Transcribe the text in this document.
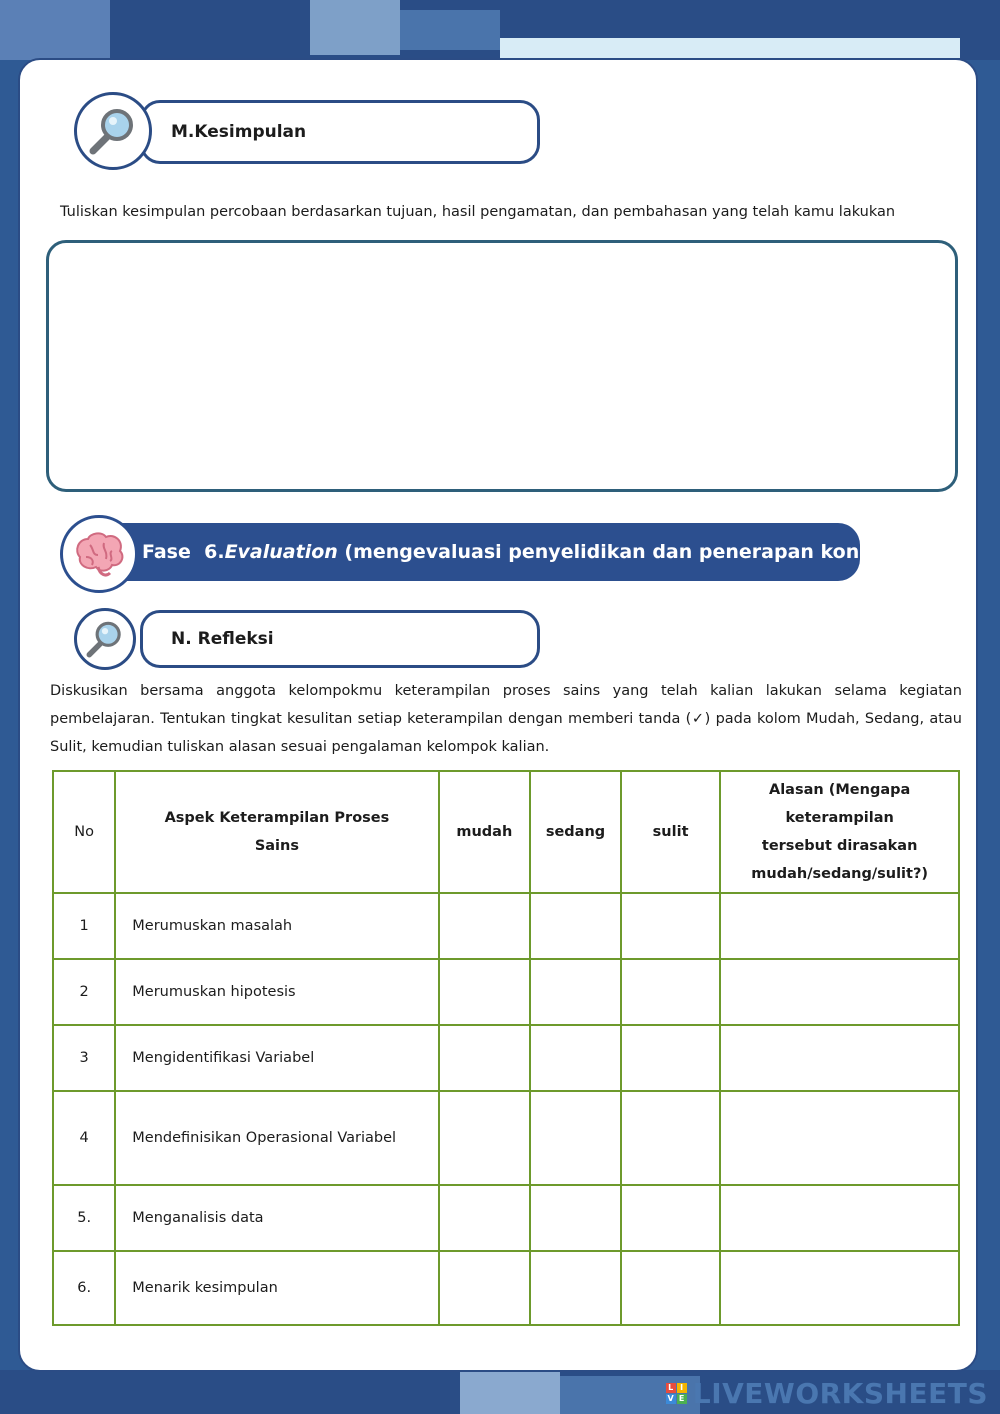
M.Kesimpulan
Tuliskan kesimpulan percobaan berdasarkan tujuan, hasil pengamatan, dan pembahasan yang telah kamu lakukan
Fase  6. Evaluation (mengevaluasi penyelidikan dan penerapan konsep)
N. Refleksi
Diskusikan bersama anggota kelompokmu keterampilan proses sains yang telah kalian lakukan selama kegiatan pembelajaran. Tentukan tingkat kesulitan setiap keterampilan dengan memberi tanda (✓) pada kolom Mudah, Sedang, atau Sulit, kemudian tuliskan alasan sesuai pengalaman kelompok kalian.
No	Aspek Keterampilan Proses Sains	mudah	sedang	sulit	Alasan (Mengapa keterampilan tersebut dirasakan mudah/sedang/sulit?)
1	Merumuskan masalah				
2	Merumuskan hipotesis				
3	Mengidentifikasi Variabel				
4	Mendefinisikan Operasional Variabel				
5.	Menganalisis data				
6.	Menarik kesimpulan				
L I
V E LIVEWORKSHEETS
